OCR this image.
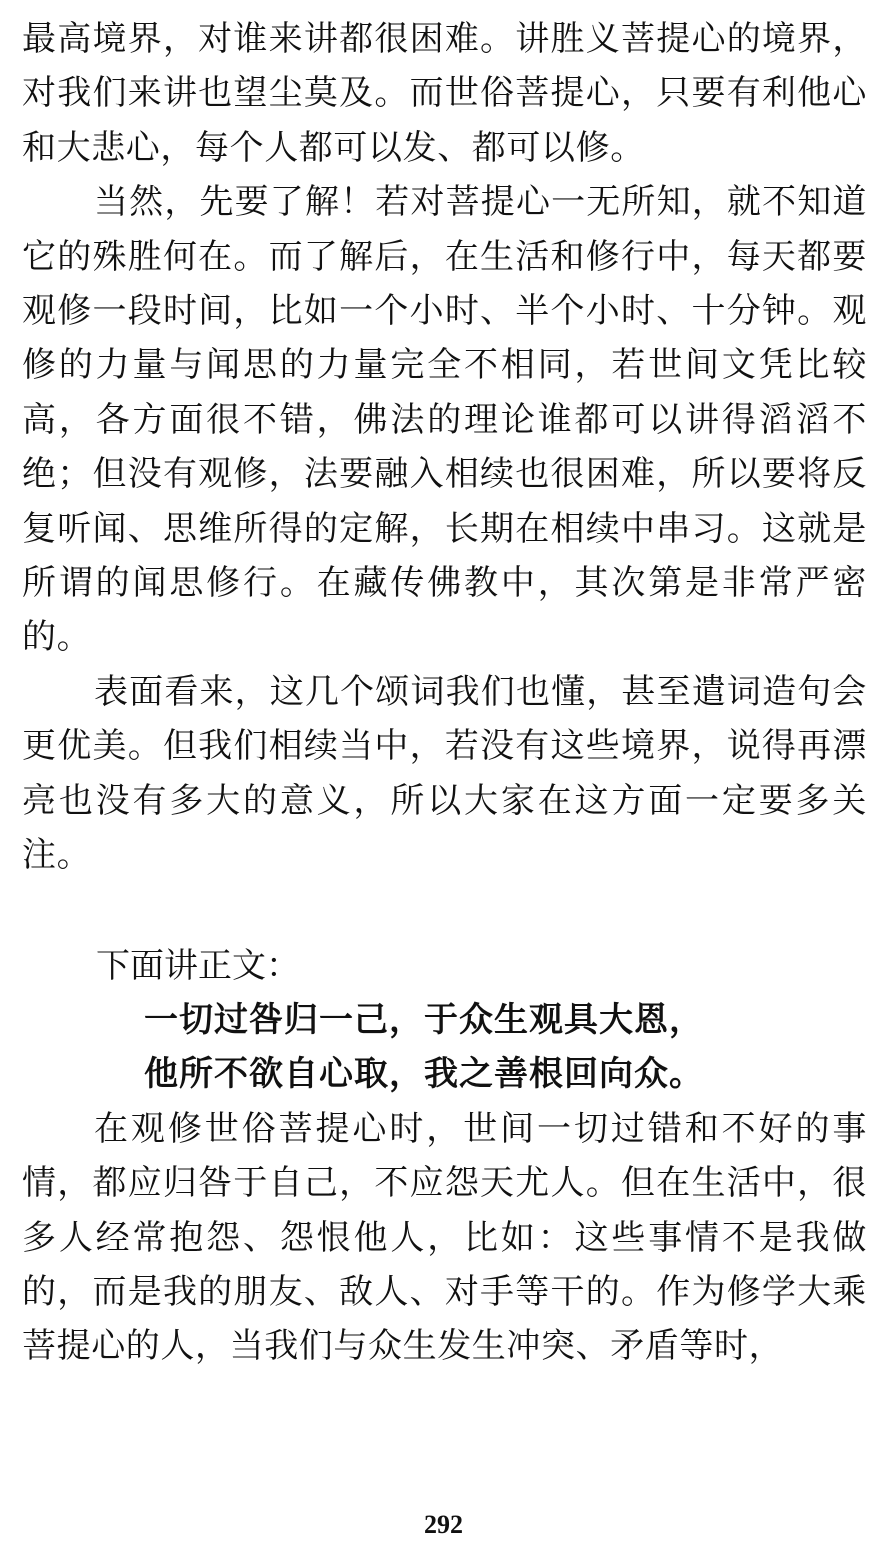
最高境界，对谁来讲都很困难。讲胜义菩提心的境界，对我们来讲也望尘莫及。而世俗菩提心，只要有利他心和大悲心，每个人都可以发、都可以修。

当然，先要了解！若对菩提心一无所知，就不知道它的殊胜何在。而了解后，在生活和修行中，每天都要观修一段时间，比如一个小时、半个小时、十分钟。观修的力量与闻思的力量完全不相同，若世间文凭比较高，各方面很不错，佛法的理论谁都可以讲得滔滔不绝；但没有观修，法要融入相续也很困难，所以要将反复听闻、思维所得的定解，长期在相续中串习。这就是所谓的闻思修行。在藏传佛教中，其次第是非常严密的。

表面看来，这几个颂词我们也懂，甚至遣词造句会更优美。但我们相续当中，若没有这些境界，说得再漂亮也没有多大的意义，所以大家在这方面一定要多关注。

下面讲正文：

一切过咎归一己，于众生观具大恩，

他所不欲自心取，我之善根回向众。

在观修世俗菩提心时，世间一切过错和不好的事情，都应归咎于自己，不应怨天尤人。但在生活中，很多人经常抱怨、怨恨他人，比如：这些事情不是我做的，而是我的朋友、敌人、对手等干的。作为修学大乘菩提心的人，当我们与众生发生冲突、矛盾等时，

292
